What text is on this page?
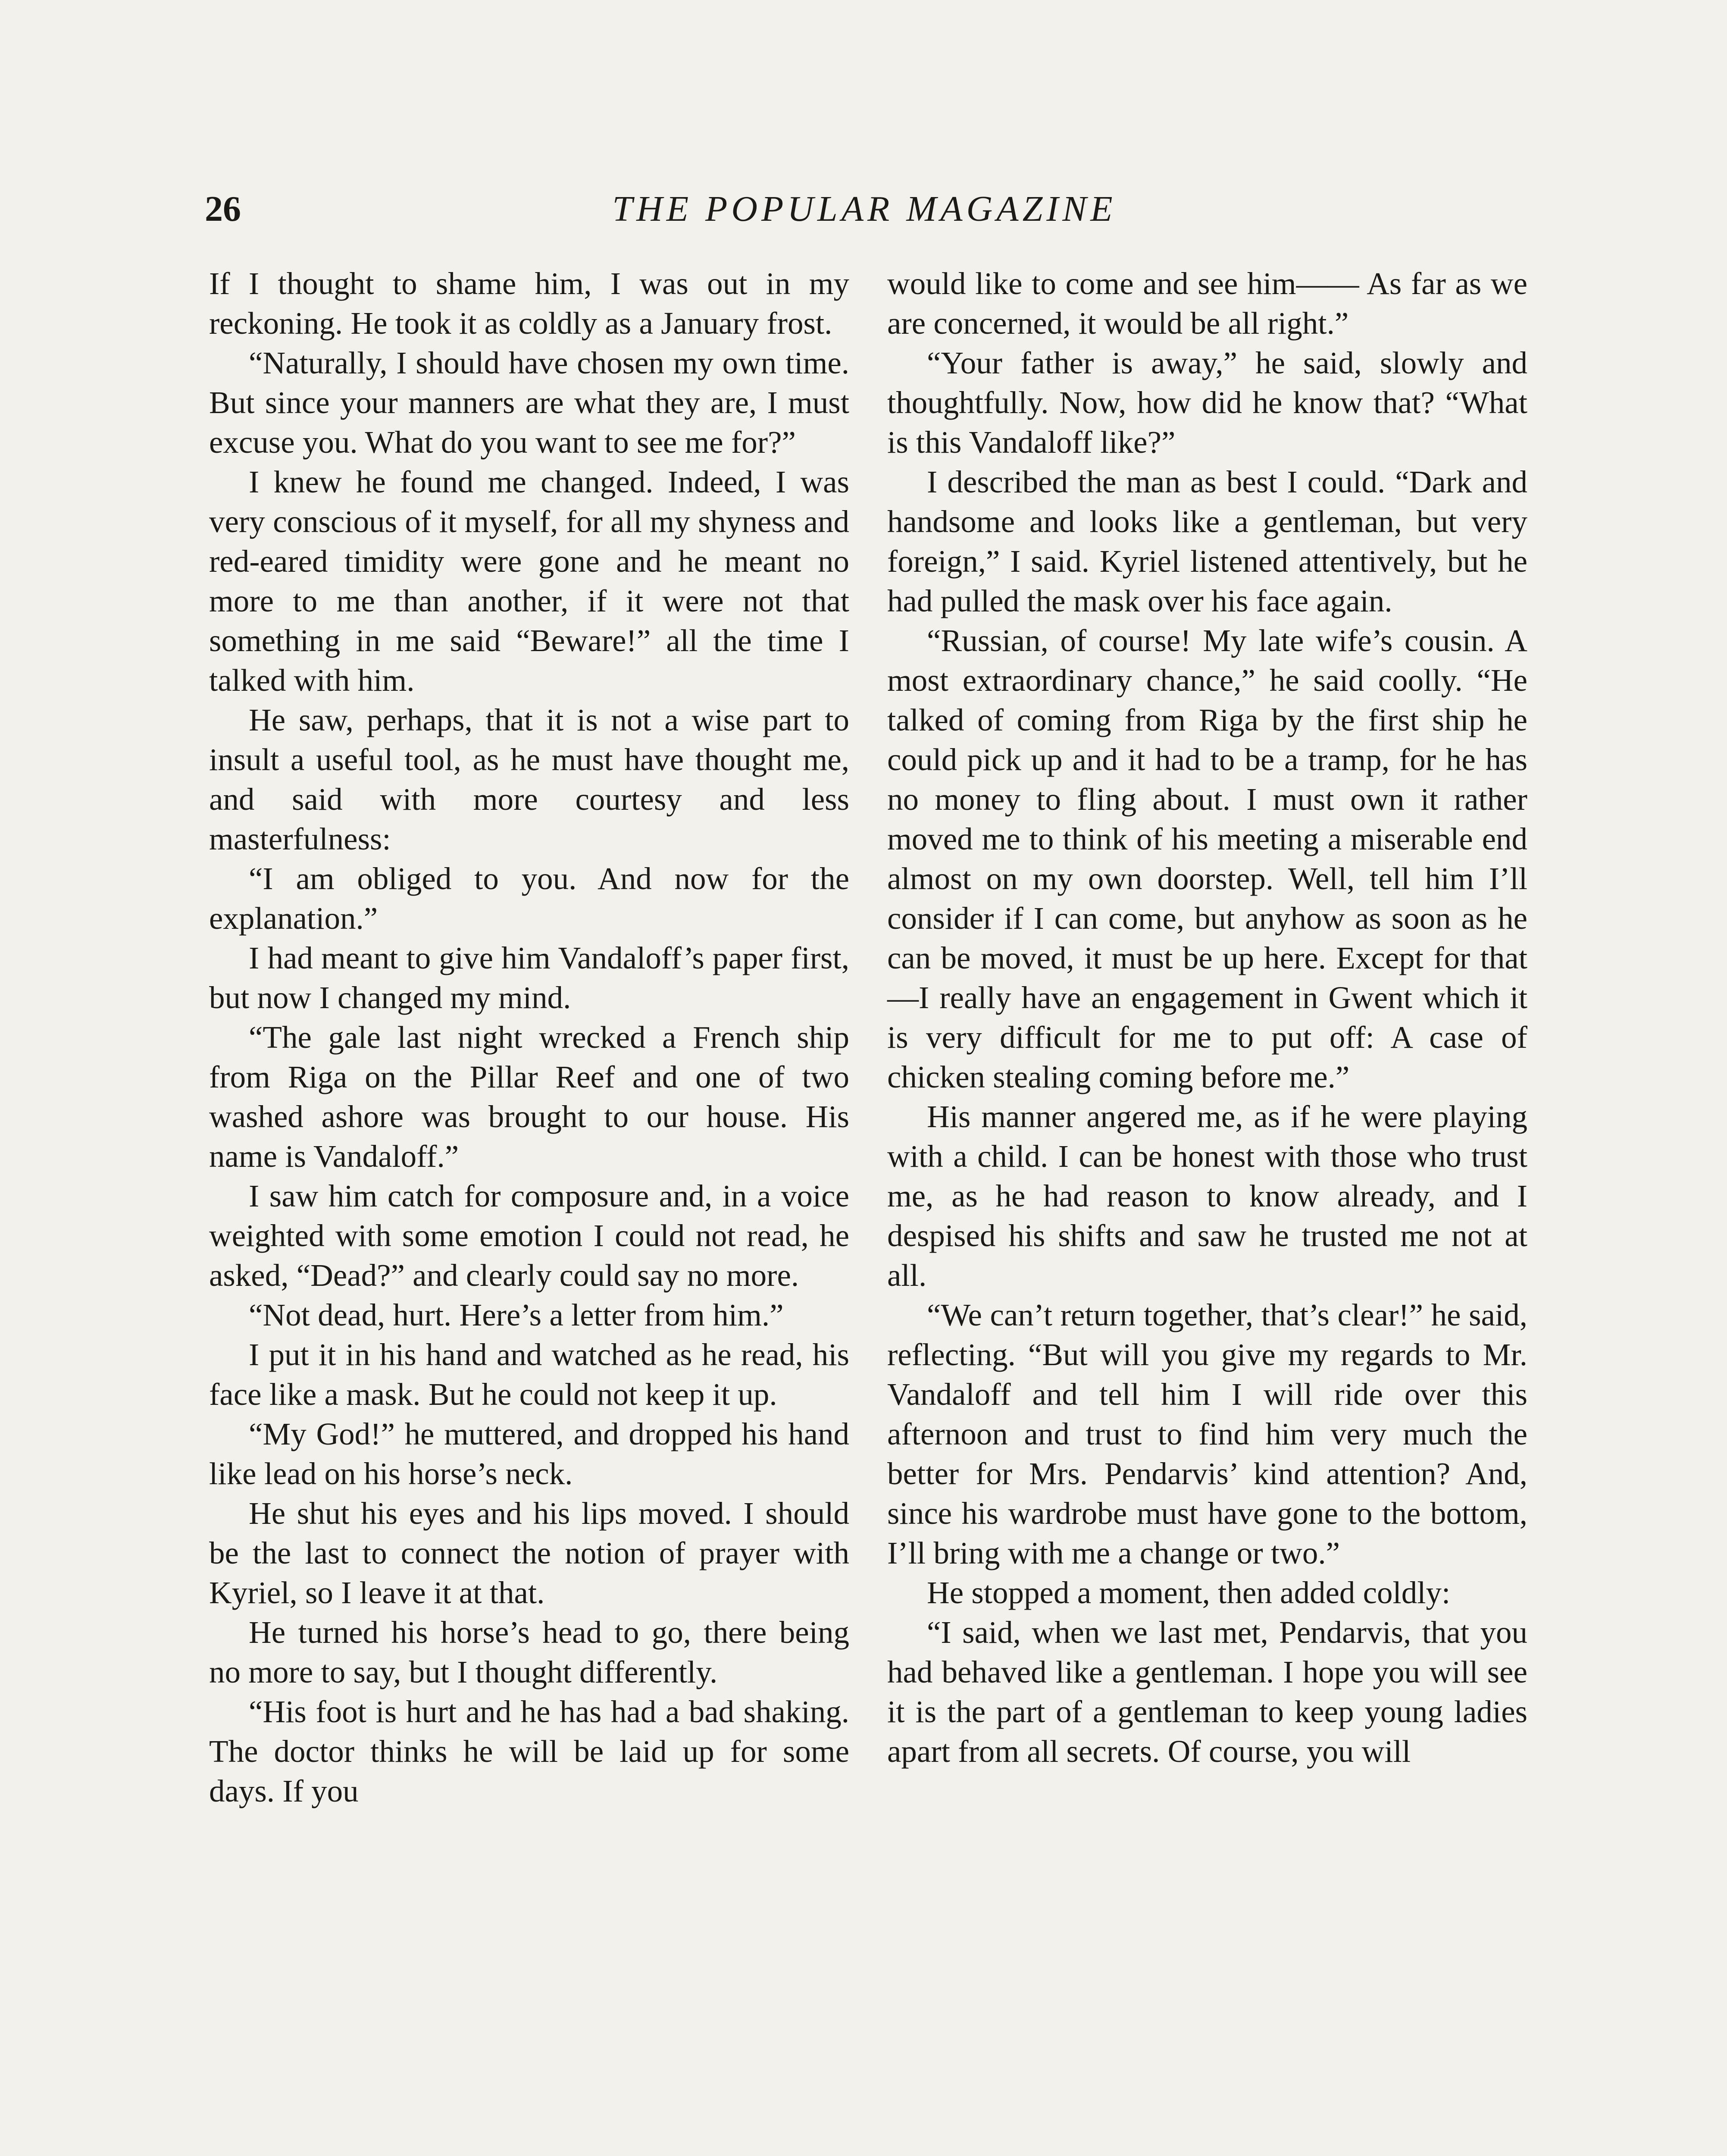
26	THE POPULAR MAGAZINE

If I thought to shame him, I was out in my reckoning. He took it as coldly as a January frost.

“Naturally, I should have chosen my own time. But since your manners are what they are, I must excuse you. What do you want to see me for?”

I knew he found me changed. Indeed, I was very conscious of it myself, for all my shyness and red-eared timidity were gone and he meant no more to me than another, if it were not that something in me said “Beware!” all the time I talked with him.

He saw, perhaps, that it is not a wise part to insult a useful tool, as he must have thought me, and said with more courtesy and less masterfulness:

“I am obliged to you. And now for the explanation.”

I had meant to give him Vandaloff’s paper first, but now I changed my mind.

“The gale last night wrecked a French ship from Riga on the Pillar Reef and one of two washed ashore was brought to our house. His name is Vandaloff.”

I saw him catch for composure and, in a voice weighted with some emotion I could not read, he asked, “Dead?” and clearly could say no more.

“Not dead, hurt. Here’s a letter from him.”

I put it in his hand and watched as he read, his face like a mask. But he could not keep it up.

“My God!” he muttered, and dropped his hand like lead on his horse’s neck.

He shut his eyes and his lips moved. I should be the last to connect the notion of prayer with Kyriel, so I leave it at that.

He turned his horse’s head to go, there being no more to say, but I thought differently.

“His foot is hurt and he has had a bad shaking. The doctor thinks he will be laid up for some days. If you

would like to come and see him—— As far as we are concerned, it would be all right.”

“Your father is away,” he said, slowly and thoughtfully. Now, how did he know that? “What is this Vandaloff like?”

I described the man as best I could. “Dark and handsome and looks like a gentleman, but very foreign,” I said. Kyriel listened attentively, but he had pulled the mask over his face again.

“Russian, of course! My late wife’s cousin. A most extraordinary chance,” he said coolly. “He talked of coming from Riga by the first ship he could pick up and it had to be a tramp, for he has no money to fling about. I must own it rather moved me to think of his meeting a miserable end almost on my own doorstep. Well, tell him I’ll consider if I can come, but anyhow as soon as he can be moved, it must be up here. Except for that—I really have an engagement in Gwent which it is very difficult for me to put off: A case of chicken stealing coming before me.”

His manner angered me, as if he were playing with a child. I can be honest with those who trust me, as he had reason to know already, and I despised his shifts and saw he trusted me not at all.

“We can’t return together, that’s clear!” he said, reflecting. “But will you give my regards to Mr. Vandaloff and tell him I will ride over this afternoon and trust to find him very much the better for Mrs. Pendarvis’ kind attention? And, since his wardrobe must have gone to the bottom, I’ll bring with me a change or two.”

He stopped a moment, then added coldly:

“I said, when we last met, Pendarvis, that you had behaved like a gentleman. I hope you will see it is the part of a gentleman to keep young ladies apart from all secrets. Of course, you will
